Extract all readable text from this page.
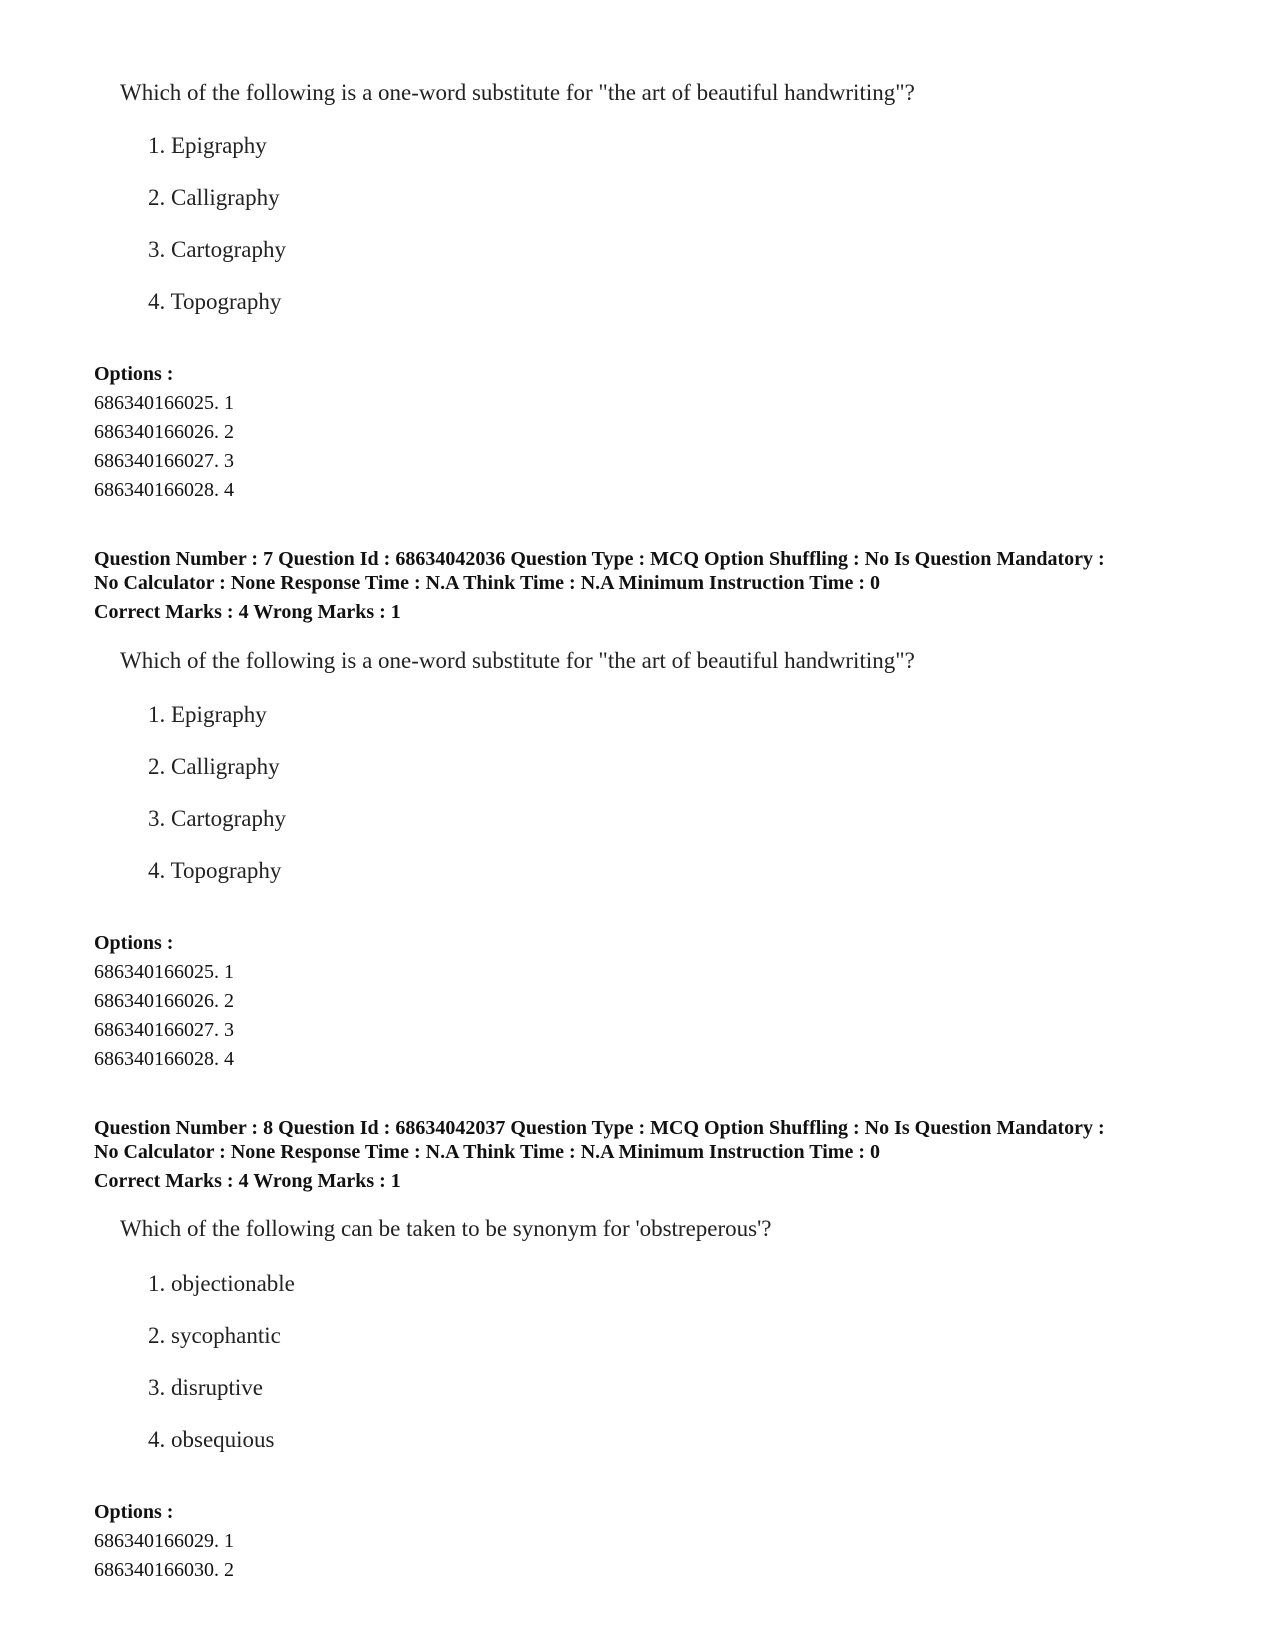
Which of the following is a one-word substitute for "the art of beautiful handwriting"?
1. Epigraphy
2. Calligraphy
3. Cartography
4. Topography
Options :
686340166025. 1
686340166026. 2
686340166027. 3
686340166028. 4
Question Number : 7 Question Id : 68634042036 Question Type : MCQ Option Shuffling : No Is Question Mandatory :
No Calculator : None Response Time : N.A Think Time : N.A Minimum Instruction Time : 0
Correct Marks : 4 Wrong Marks : 1
Which of the following is a one-word substitute for "the art of beautiful handwriting"?
1. Epigraphy
2. Calligraphy
3. Cartography
4. Topography
Options :
686340166025. 1
686340166026. 2
686340166027. 3
686340166028. 4
Question Number : 8 Question Id : 68634042037 Question Type : MCQ Option Shuffling : No Is Question Mandatory :
No Calculator : None Response Time : N.A Think Time : N.A Minimum Instruction Time : 0
Correct Marks : 4 Wrong Marks : 1
Which of the following can be taken to be synonym for 'obstreperous'?
1. objectionable
2. sycophantic
3. disruptive
4. obsequious
Options :
686340166029. 1
686340166030. 2
